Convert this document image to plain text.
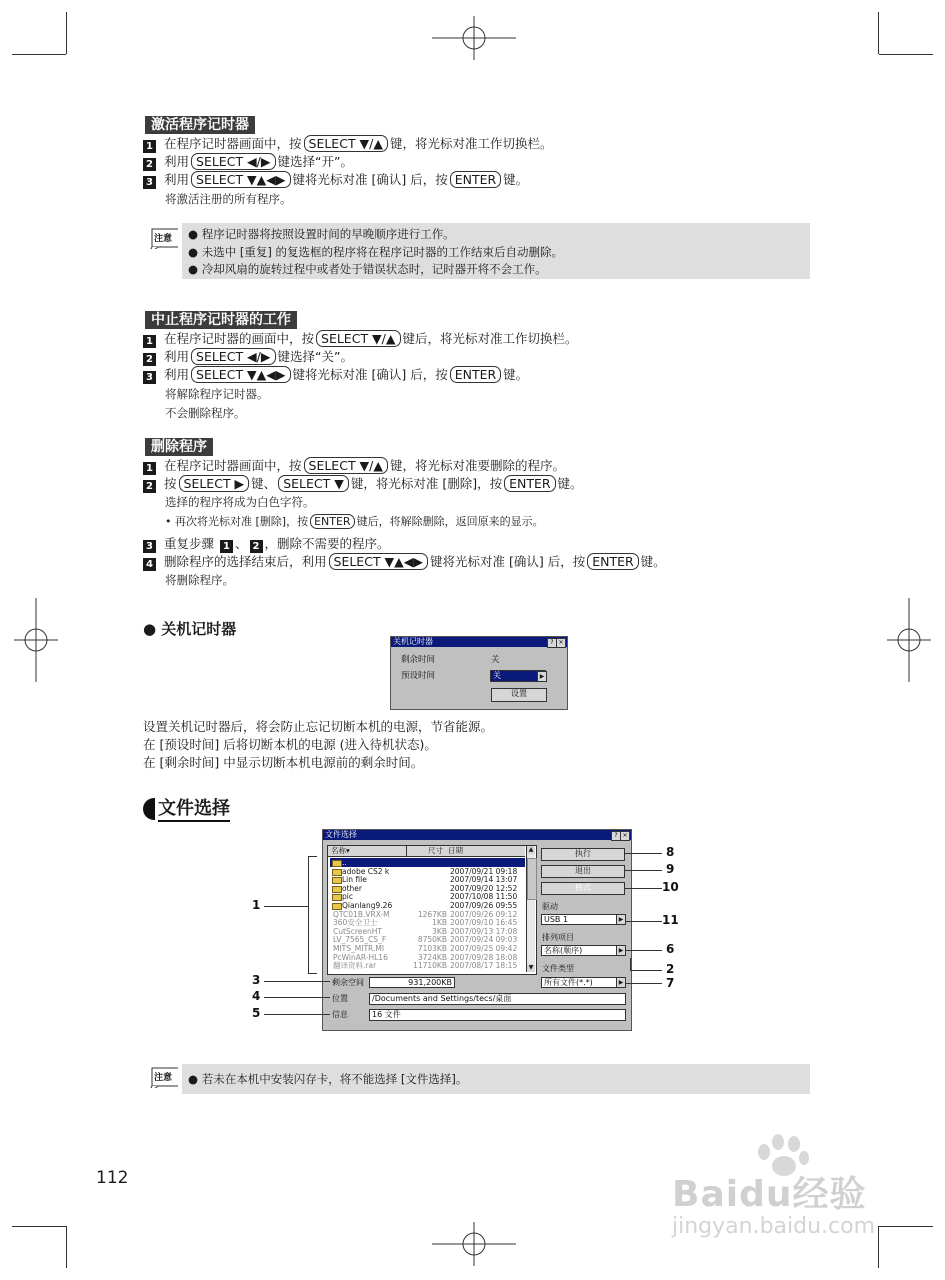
激活程序记时器
1 在程序记时器画面中，按 SELECT ▼/▲ 键，将光标对准工作切换栏。
2 利用 SELECT ◀/▶ 键选择“开”。
3 利用 SELECT ▼▲◀▶ 键将光标对准 [确认] 后，按 ENTER 键。
将激活注册的所有程序。
注意 ● 程序记时器将按照设置时间的早晚顺序进行工作。
● 未选中 [重复] 的复选框的程序将在程序记时器的工作结束后自动删除。
● 冷却风扇的旋转过程中或者处于错误状态时，记时器开将不会工作。
中止程序记时器的工作
1 在程序记时器的画面中，按 SELECT ▼/▲ 键后，将光标对准工作切换栏。
2 利用 SELECT ◀/▶ 键选择“关”。
3 利用 SELECT ▼▲◀▶ 键将光标对准 [确认] 后，按 ENTER 键。
将解除程序记时器。
不会删除程序。
删除程序
1 在程序记时器画面中，按 SELECT ▼/▲ 键，将光标对准要删除的程序。
2 按 SELECT ▶ 键、 SELECT ▼ 键，将光标对准 [删除]，按 ENTER 键。
选择的程序将成为白色字符。
• 再次将光标对准 [删除]，按 ENTER 键后，将解除删除，返回原来的显示。
3 重复步骤 1 、 2 ，删除不需要的程序。
4 删除程序的选择结束后，利用 SELECT ▼▲◀▶ 键将光标对准 [确认] 后，按 ENTER 键。
将删除程序。
● 关机记时器
关机记时器	? ×
剩余时间	关
预设时间	关	▶
设置
设置关机记时器后，将会防止忘记切断本机的电源，节省能源。
在 [预设时间] 后将切断本机的电源 (进入待机状态)。
在 [剩余时间] 中显示切断本机电源前的剩余时间。
文件选择
文件选择	? ×
名称▾	尺寸 日期	▲
▼
..
adobe CS2 k	2007/09/21 09:18
Lin file	2007/09/14 13:07
other	2007/09/20 12:52
pic	2007/10/08 11:50
Qianlang9.26	2007/09/26 09:55
QTC01B.VRX-M	1267KB 2007/09/26 09:12
360安全卫士	1KB 2007/09/10 16:45
CutScreenHT	3KB 2007/09/13 17:08
LV_7565_CS_F	8750KB 2007/09/24 09:03
MITS_MITR.MI	7103KB 2007/09/25 09:42
PcWinAR-HL16	3724KB 2007/09/28 18:08
翻译资料.rar	11710KB 2007/08/17 18:15
执行
退出
格式
驱动
USB 1	▶
排列项目
名称(顺序)	▶
文件类型
所有文件(*.*)	▶
剩余空间	931,200KB
位置	/Documents and Settings/tecs/桌面
信息	16 文件
1
3
4
5
8
9
10
11
6
2
7
注意 ● 若未在本机中安装闪存卡，将不能选择 [文件选择]。
112	Baidu经验
jingyan.baidu.com
